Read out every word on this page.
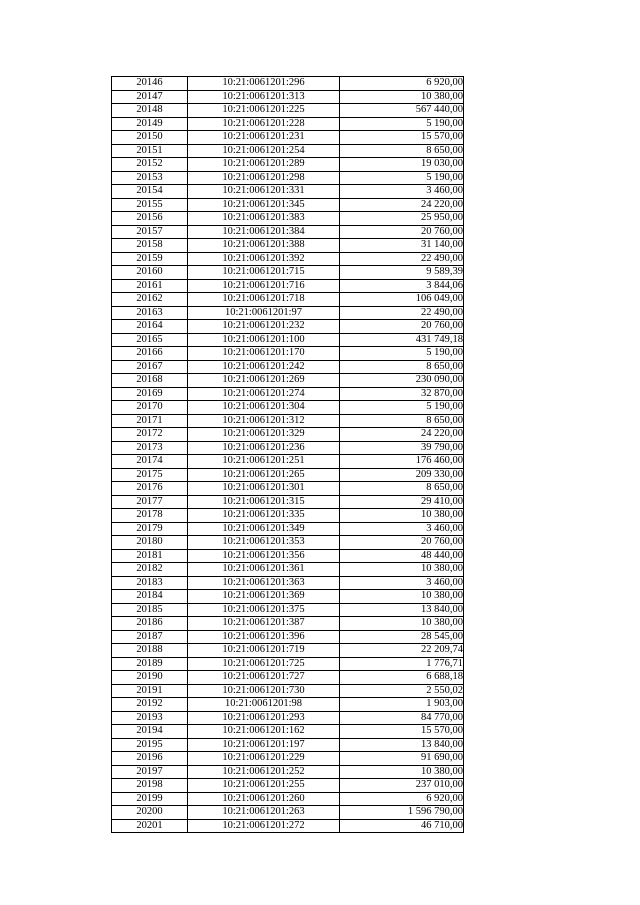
20146	10:21:0061201:296	6 920,00
20147	10:21:0061201:313	10 380,00
20148	10:21:0061201:225	567 440,00
20149	10:21:0061201:228	5 190,00
20150	10:21:0061201:231	15 570,00
20151	10:21:0061201:254	8 650,00
20152	10:21:0061201:289	19 030,00
20153	10:21:0061201:298	5 190,00
20154	10:21:0061201:331	3 460,00
20155	10:21:0061201:345	24 220,00
20156	10:21:0061201:383	25 950,00
20157	10:21:0061201:384	20 760,00
20158	10:21:0061201:388	31 140,00
20159	10:21:0061201:392	22 490,00
20160	10:21:0061201:715	9 589,39
20161	10:21:0061201:716	3 844,06
20162	10:21:0061201:718	106 049,00
20163	10:21:0061201:97	22 490,00
20164	10:21:0061201:232	20 760,00
20165	10:21:0061201:100	431 749,18
20166	10:21:0061201:170	5 190,00
20167	10:21:0061201:242	8 650,00
20168	10:21:0061201:269	230 090,00
20169	10:21:0061201:274	32 870,00
20170	10:21:0061201:304	5 190,00
20171	10:21:0061201:312	8 650,00
20172	10:21:0061201:329	24 220,00
20173	10:21:0061201:236	39 790,00
20174	10:21:0061201:251	176 460,00
20175	10:21:0061201:265	209 330,00
20176	10:21:0061201:301	8 650,00
20177	10:21:0061201:315	29 410,00
20178	10:21:0061201:335	10 380,00
20179	10:21:0061201:349	3 460,00
20180	10:21:0061201:353	20 760,00
20181	10:21:0061201:356	48 440,00
20182	10:21:0061201:361	10 380,00
20183	10:21:0061201:363	3 460,00
20184	10:21:0061201:369	10 380,00
20185	10:21:0061201:375	13 840,00
20186	10:21:0061201:387	10 380,00
20187	10:21:0061201:396	28 545,00
20188	10:21:0061201:719	22 209,74
20189	10:21:0061201:725	1 776,71
20190	10:21:0061201:727	6 688,18
20191	10:21:0061201:730	2 550,02
20192	10:21:0061201:98	1 903,00
20193	10:21:0061201:293	84 770,00
20194	10:21:0061201:162	15 570,00
20195	10:21:0061201:197	13 840,00
20196	10:21:0061201:229	91 690,00
20197	10:21:0061201:252	10 380,00
20198	10:21:0061201:255	237 010,00
20199	10:21:0061201:260	6 920,00
20200	10:21:0061201:263	1 596 790,00
20201	10:21:0061201:272	46 710,00
